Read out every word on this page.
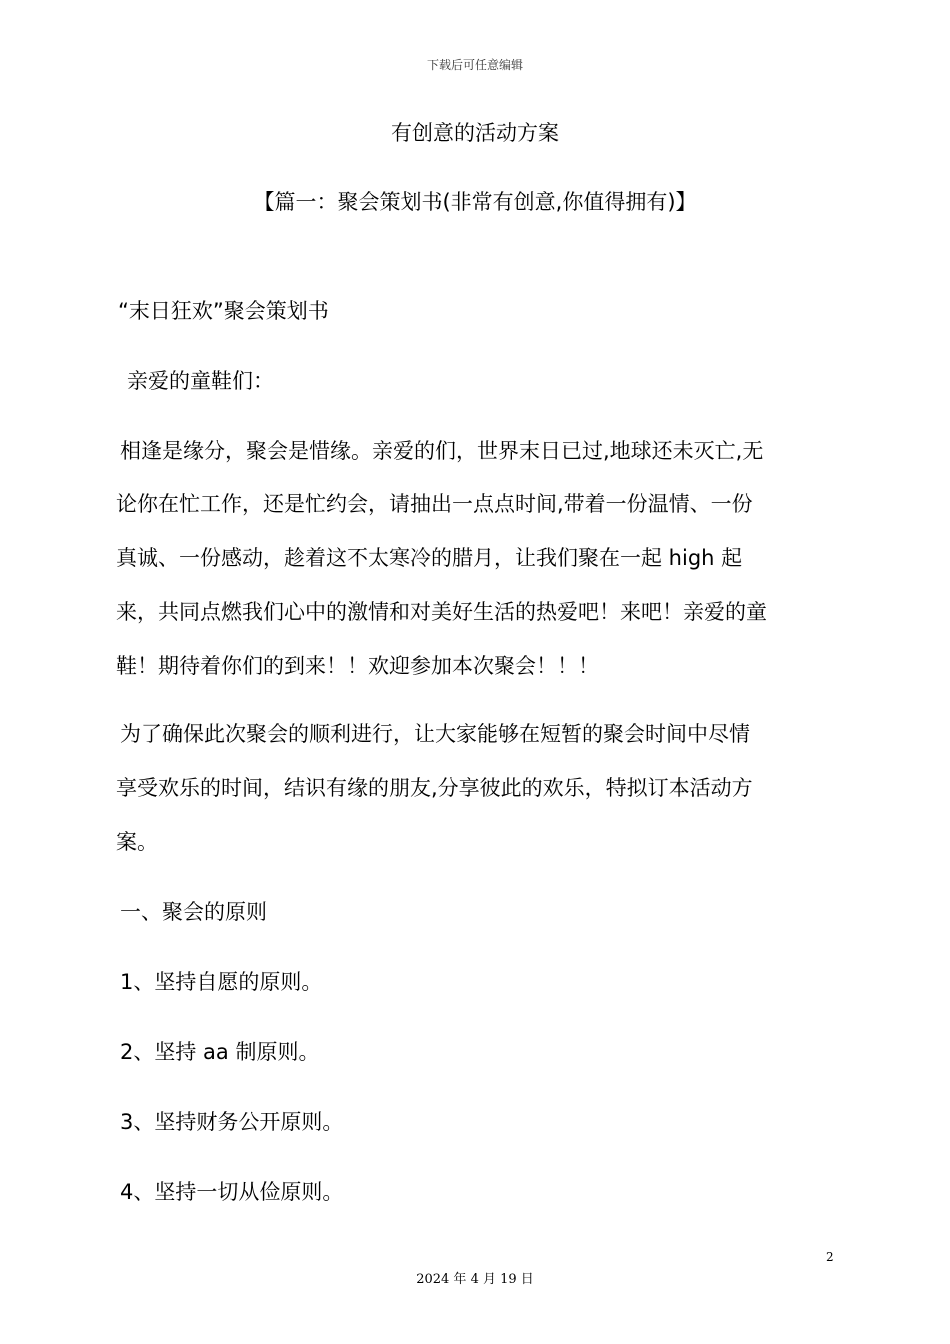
下载后可任意编辑
有创意的活动方案
【篇一：聚会策划书(非常有创意,你值得拥有)】
“末日狂欢”聚会策划书
亲爱的童鞋们：
相逢是缘分，聚会是惜缘。亲爱的们，世界末日已过,地球还未灭亡,无
论你在忙工作，还是忙约会，请抽出一点点时间,带着一份温情、一份
真诚、一份感动，趁着这不太寒冷的腊月，让我们聚在一起 high 起
来，共同点燃我们心中的激情和对美好生活的热爱吧！来吧！亲爱的童
鞋！期待着你们的到来！！欢迎参加本次聚会！！！
为了确保此次聚会的顺利进行，让大家能够在短暂的聚会时间中尽情
享受欢乐的时间，结识有缘的朋友,分享彼此的欢乐，特拟订本活动方
案。
一、聚会的原则
1、坚持自愿的原则。
2、坚持 aa 制原则。
3、坚持财务公开原则。
4、坚持一切从俭原则。
2
2024 年 4 月 19 日
